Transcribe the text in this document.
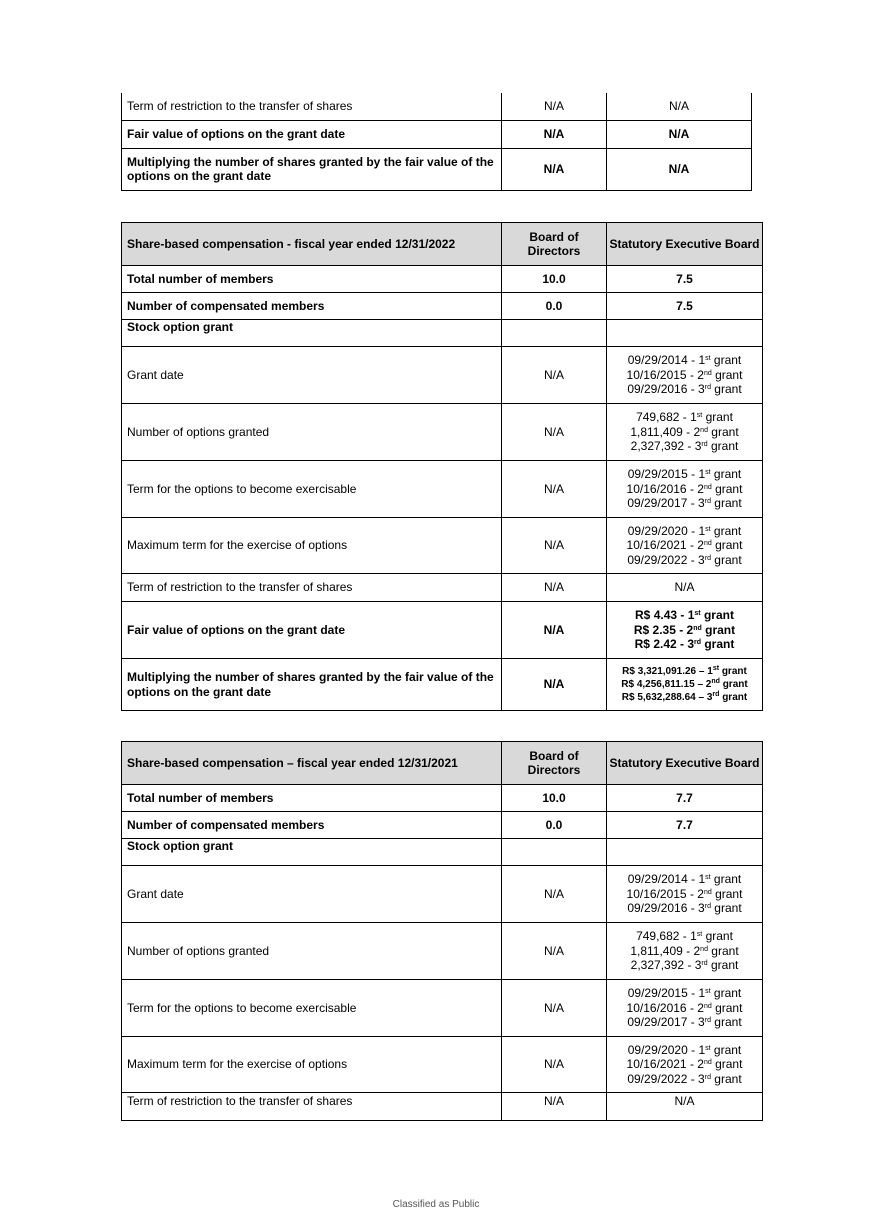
Term of restriction to the transfer of shares	N/A	N/A
Fair value of options on the grant date	N/A	N/A
Multiplying the number of shares granted by the fair value of the options on the grant date	N/A	N/A
Share-based compensation - fiscal year ended 12/31/2022	Board of Directors	Statutory Executive Board
Total number of members	10.0	7.5
Number of compensated members	0.0	7.5
Stock option grant		
Grant date	N/A	09/29/2014 - 1st grant
10/16/2015 - 2nd grant
09/29/2016 - 3rd grant

Number of options granted	N/A	749,682 - 1st grant
1,811,409 - 2nd grant
2,327,392 - 3rd grant

Term for the options to become exercisable	N/A	09/29/2015 - 1st grant
10/16/2016 - 2nd grant
09/29/2017 - 3rd grant

Maximum term for the exercise of options	N/A	09/29/2020 - 1st grant
10/16/2021 - 2nd grant
09/29/2022 - 3rd grant

Term of restriction to the transfer of shares	N/A	N/A
Fair value of options on the grant date	N/A	R$ 4.43 - 1st grant
R$ 2.35 - 2nd grant
R$ 2.42 - 3rd grant

Multiplying the number of shares granted by the fair value of the options on the grant date	N/A	R$ 3,321,091.26 – 1st grant
R$ 4,256,811.15 – 2nd grant
R$ 5,632,288.64 – 3rd grant
Share-based compensation – fiscal year ended 12/31/2021	Board of Directors	Statutory Executive Board
Total number of members	10.0	7.7
Number of compensated members	0.0	7.7
Stock option grant		
Grant date	N/A	09/29/2014 - 1st grant
10/16/2015 - 2nd grant
09/29/2016 - 3rd grant

Number of options granted	N/A	749,682 - 1st grant
1,811,409 - 2nd grant
2,327,392 - 3rd grant

Term for the options to become exercisable	N/A	09/29/2015 - 1st grant
10/16/2016 - 2nd grant
09/29/2017 - 3rd grant

Maximum term for the exercise of options	N/A	09/29/2020 - 1st grant
10/16/2021 - 2nd grant
09/29/2022 - 3rd grant

Term of restriction to the transfer of shares	N/A	N/A
Classified as Public
